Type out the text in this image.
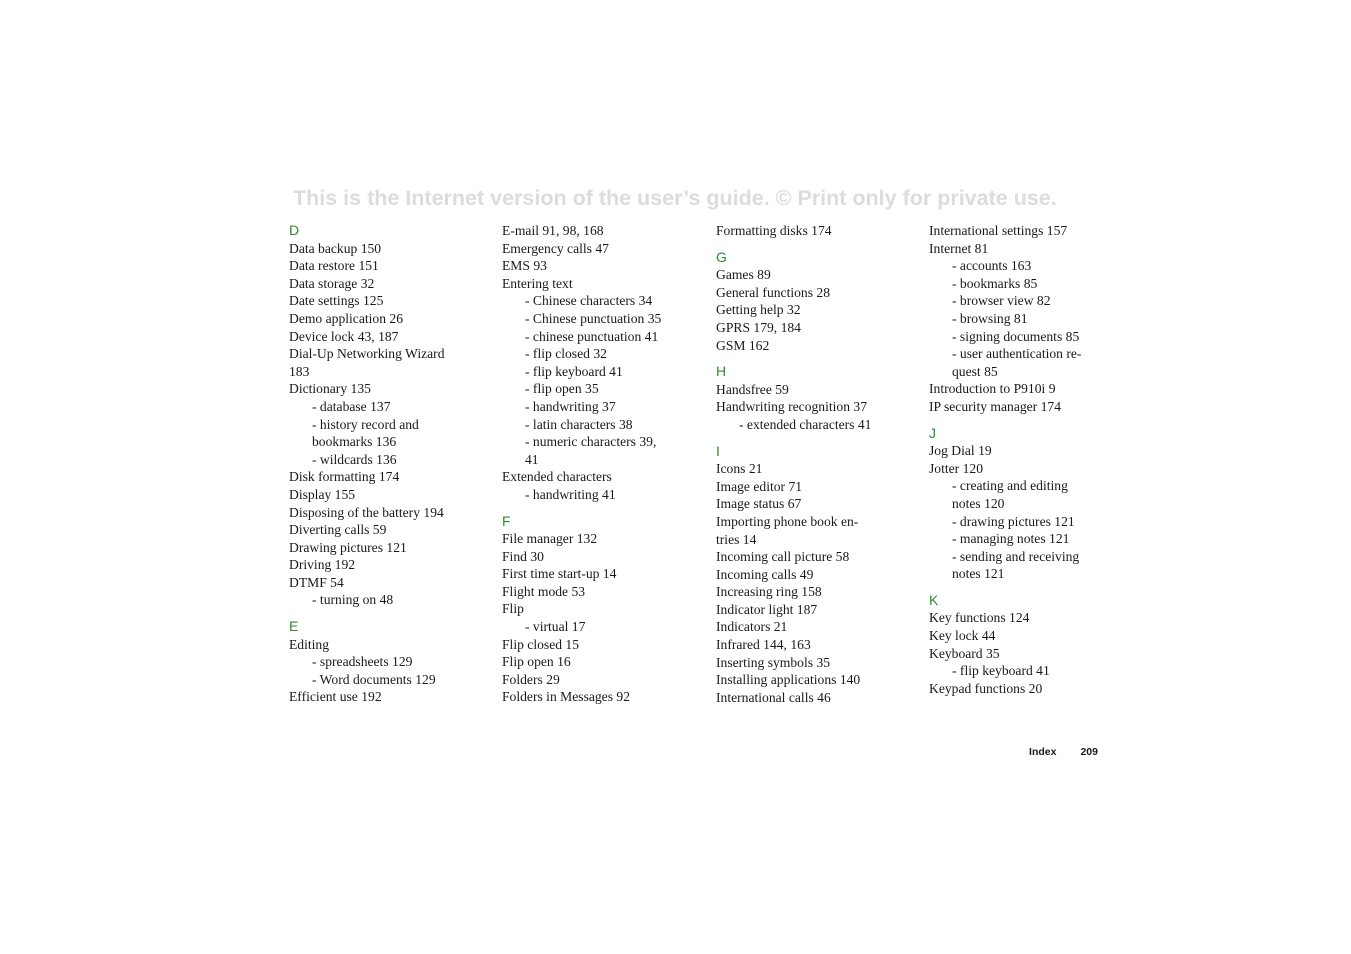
This is the Internet version of the user’s guide. © Print only for private use.
D
Data backup 150
Data restore 151
Data storage 32
Date settings 125
Demo application 26
Device lock 43, 187
Dial-Up Networking Wizard
183
Dictionary 135
- database 137
- history record and
bookmarks 136
- wildcards 136
Disk formatting 174
Display 155
Disposing of the battery 194
Diverting calls 59
Drawing pictures 121
Driving 192
DTMF 54
- turning on 48
E
Editing
- spreadsheets 129
- Word documents 129
Efficient use 192
E-mail 91, 98, 168
Emergency calls 47
EMS 93
Entering text
- Chinese characters 34
- Chinese punctuation 35
- chinese punctuation 41
- flip closed 32
- flip keyboard 41
- flip open 35
- handwriting 37
- latin characters 38
- numeric characters 39,
41
Extended characters
- handwriting 41
F
File manager 132
Find 30
First time start-up 14
Flight mode 53
Flip
- virtual 17
Flip closed 15
Flip open 16
Folders 29
Folders in Messages 92
Formatting disks 174
G
Games 89
General functions 28
Getting help 32
GPRS 179, 184
GSM 162
H
Handsfree 59
Handwriting recognition 37
- extended characters 41
I
Icons 21
Image editor 71
Image status 67
Importing phone book en-
tries 14
Incoming call picture 58
Incoming calls 49
Increasing ring 158
Indicator light 187
Indicators 21
Infrared 144, 163
Inserting symbols 35
Installing applications 140
International calls 46
International settings 157
Internet 81
- accounts 163
- bookmarks 85
- browser view 82
- browsing 81
- signing documents 85
- user authentication re-
quest 85
Introduction to P910i 9
IP security manager 174
J
Jog Dial 19
Jotter 120
- creating and editing
notes 120
- drawing pictures 121
- managing notes 121
- sending and receiving
notes 121
K
Key functions 124
Key lock 44
Keyboard 35
- flip keyboard 41
Keypad functions 20
Index 209
